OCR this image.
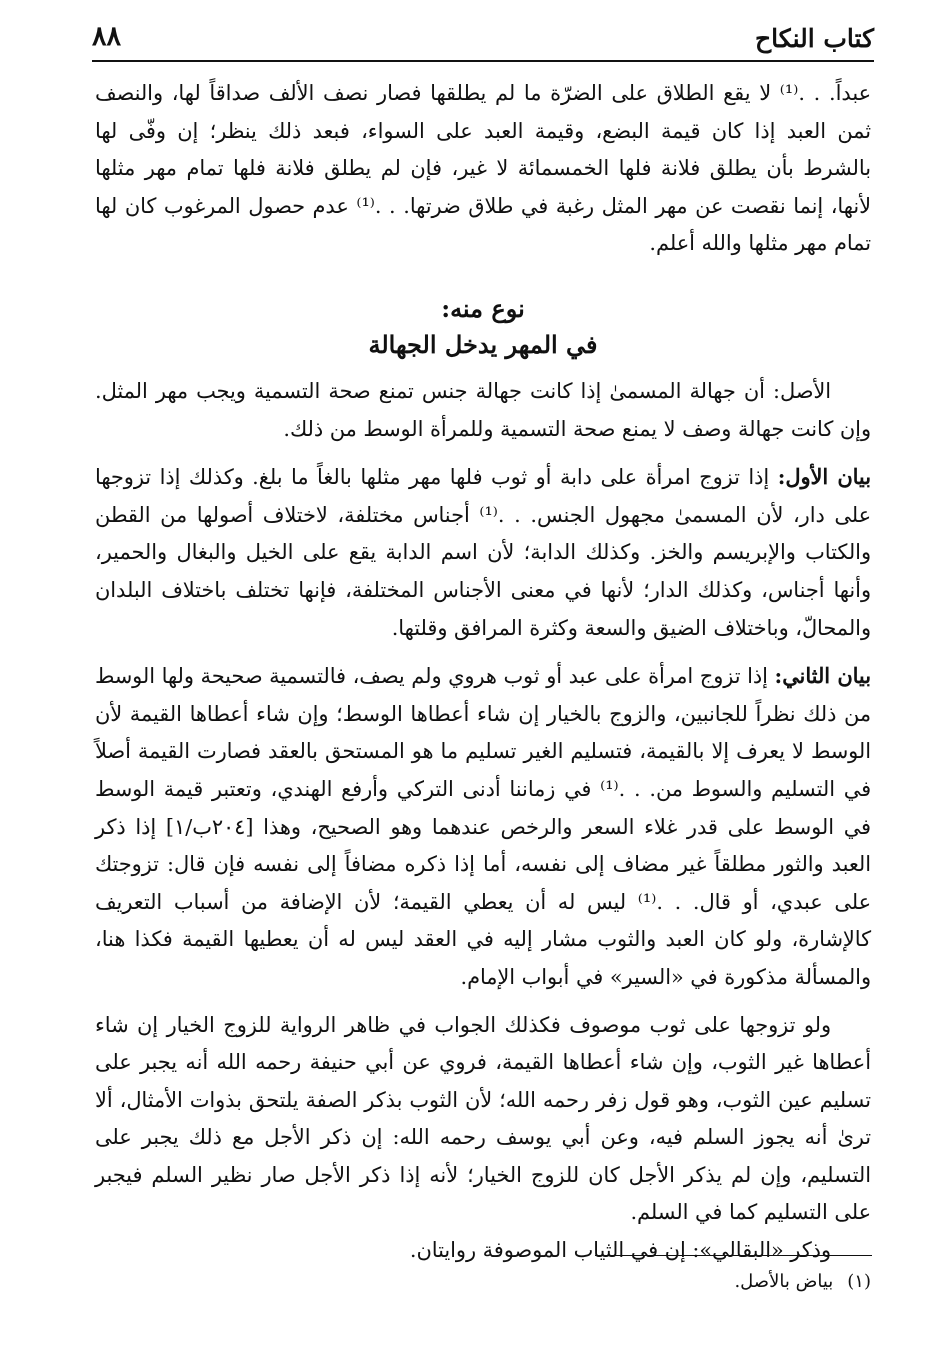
كتاب النكاح
٨٨

عبداً. . .⁽¹⁾ لا يقع الطلاق على الضرّة ما لم يطلقها فصار نصف الألف صداقاً لها، والنصف ثمن العبد إذا كان قيمة البضع، وقيمة العبد على السواء، فبعد ذلك ينظر؛ إن وفّى لها بالشرط بأن يطلق فلانة فلها الخمسمائة لا غير، فإن لم يطلق فلانة فلها تمام مهر مثلها لأنها، إنما نقصت عن مهر المثل رغبة في طلاق ضرتها. . .⁽¹⁾ عدم حصول المرغوب كان لها تمام مهر مثلها والله أعلم.

نوع منه:

في المهر يدخل الجهالة

الأصل: أن جهالة المسمىٰ إذا كانت جهالة جنس تمنع صحة التسمية ويجب مهر المثل. وإن كانت جهالة وصف لا يمنع صحة التسمية وللمرأة الوسط من ذلك.

بيان الأول: إذا تزوج امرأة على دابة أو ثوب فلها مهر مثلها بالغاً ما بلغ. وكذلك إذا تزوجها على دار، لأن المسمىٰ مجهول الجنس. . .⁽¹⁾ أجناس مختلفة، لاختلاف أصولها من القطن والكتاب والإبريسم والخز. وكذلك الدابة؛ لأن اسم الدابة يقع على الخيل والبغال والحمير، وأنها أجناس، وكذلك الدار؛ لأنها في معنى الأجناس المختلفة، فإنها تختلف باختلاف البلدان والمحالّ، وباختلاف الضيق والسعة وكثرة المرافق وقلتها.

بيان الثاني: إذا تزوج امرأة على عبد أو ثوب هروي ولم يصف، فالتسمية صحيحة ولها الوسط من ذلك نظراً للجانبين، والزوج بالخيار إن شاء أعطاها الوسط؛ وإن شاء أعطاها القيمة لأن الوسط لا يعرف إلا بالقيمة، فتسليم الغير تسليم ما هو المستحق بالعقد فصارت القيمة أصلاً في التسليم والسوط من. . .⁽¹⁾ في زماننا أدنى التركي وأرفع الهندي، وتعتبر قيمة الوسط في الوسط على قدر غلاء السعر والرخص عندهما وهو الصحيح، وهذا [٢٠٤ب/١] إذا ذكر العبد والثور مطلقاً غير مضاف إلى نفسه، أما إذا ذكره مضافاً إلى نفسه فإن قال: تزوجتك على عبدي، أو قال. . .⁽¹⁾ ليس له أن يعطي القيمة؛ لأن الإضافة من أسباب التعريف كالإشارة، ولو كان العبد والثوب مشار إليه في العقد ليس له أن يعطيها القيمة فكذا هنا، والمسألة مذكورة في «السير» في أبواب الإمام.

ولو تزوجها على ثوب موصوف فكذلك الجواب في ظاهر الرواية للزوج الخيار إن شاء أعطاها غير الثوب، وإن شاء أعطاها القيمة، فروي عن أبي حنيفة رحمه الله أنه يجبر على تسليم عين الثوب، وهو قول زفر رحمه الله؛ لأن الثوب بذكر الصفة يلتحق بذوات الأمثال، ألا ترىٰ أنه يجوز السلم فيه، وعن أبي يوسف رحمه الله: إن ذكر الأجل مع ذلك يجبر على التسليم، وإن لم يذكر الأجل كان للزوج الخيار؛ لأنه إذا ذكر الأجل صار نظير السلم فيجبر على التسليم كما في السلم.

وذكر «البقالي»: إن في الثياب الموصوفة روايتان.

(١)بياض بالأصل.
